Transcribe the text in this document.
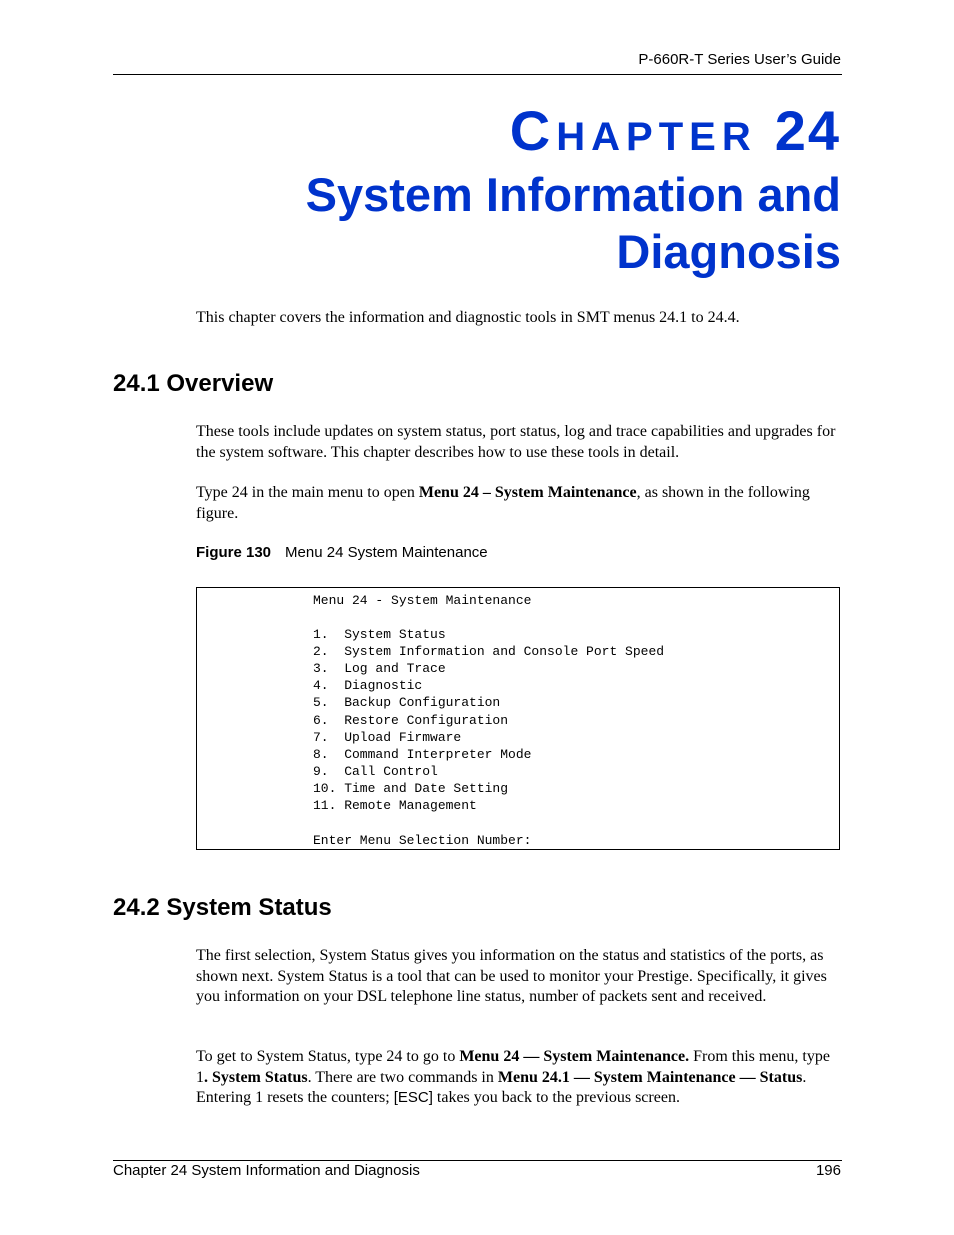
P-660R-T Series User’s Guide
CHAPTER 24
System Information and
Diagnosis
This chapter covers the information and diagnostic tools in SMT menus 24.1 to 24.4.
24.1 Overview
These tools include updates on system status, port status, log and trace capabilities and upgrades for the system software. This chapter describes how to use these tools in detail.
Type 24 in the main menu to open Menu 24 – System Maintenance, as shown in the following figure.
Figure 130 Menu 24 System Maintenance
Menu 24 - System Maintenance
1.  System Status
2.  System Information and Console Port Speed
3.  Log and Trace
4.  Diagnostic
5.  Backup Configuration
6.  Restore Configuration
7.  Upload Firmware
8.  Command Interpreter Mode
9.  Call Control
10. Time and Date Setting
11. Remote Management
Enter Menu Selection Number:
24.2 System Status
The first selection, System Status gives you information on the status and statistics of the ports, as shown next. System Status is a tool that can be used to monitor your Prestige. Specifically, it gives you information on your DSL telephone line status, number of packets sent and received.
To get to System Status, type 24 to go to Menu 24 — System Maintenance. From this menu, type 1. System Status. There are two commands in Menu 24.1 — System Maintenance — Status. Entering 1 resets the counters; [ESC] takes you back to the previous screen.
Chapter 24 System Information and Diagnosis	196
